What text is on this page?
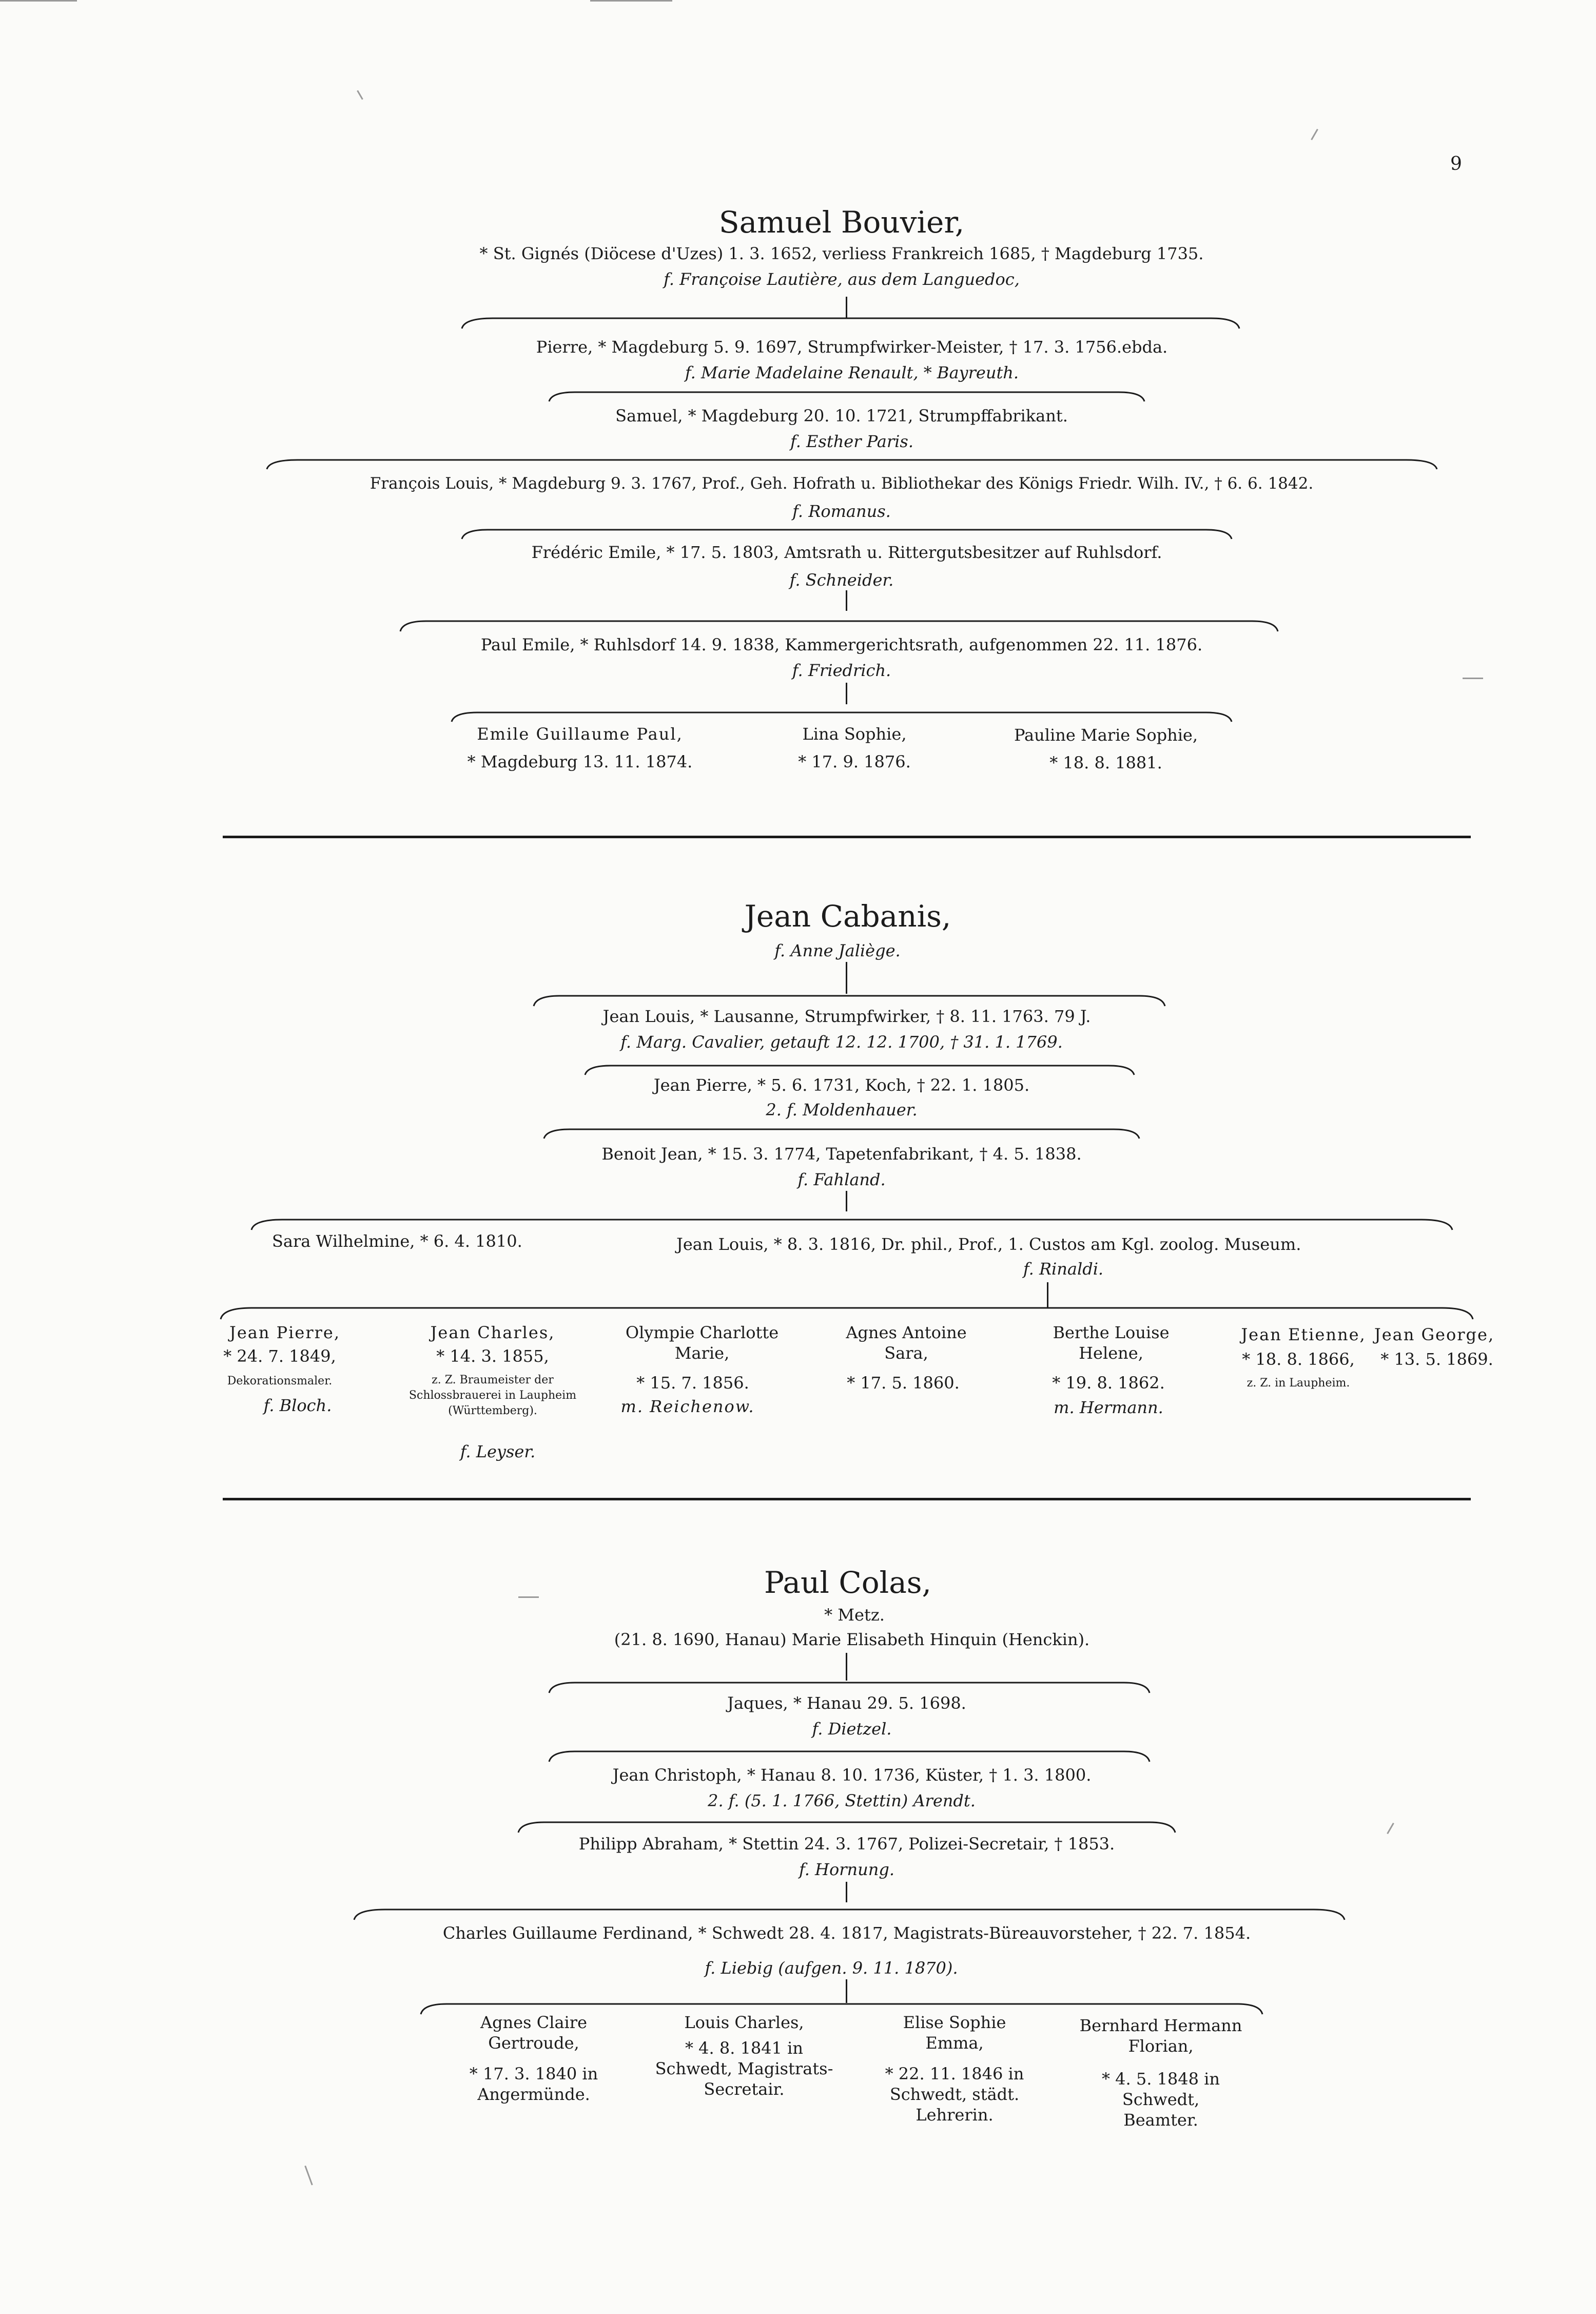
9
Samuel Bouvier,
* St. Gignés (Diöcese d'Uzes) 1. 3. 1652, verliess Frankreich 1685, † Magdeburg 1735.
f. Françoise Lautière, aus dem Languedoc,
Pierre, * Magdeburg 5. 9. 1697, Strumpfwirker-Meister, † 17. 3. 1756.ebda.
f. Marie Madelaine Renault, * Bayreuth.
Samuel, * Magdeburg 20. 10. 1721, Strumpffabrikant.
f. Esther Paris.
François Louis, * Magdeburg 9. 3. 1767, Prof., Geh. Hofrath u. Bibliothekar des Königs Friedr. Wilh. IV., † 6. 6. 1842.
f. Romanus.
Frédéric Emile, * 17. 5. 1803, Amtsrath u. Rittergutsbesitzer auf Ruhlsdorf.
f. Schneider.
Paul Emile, * Ruhlsdorf 14. 9. 1838, Kammergerichtsrath, aufgenommen 22. 11. 1876.
f. Friedrich.
Emile Guillaume Paul,
* Magdeburg 13. 11. 1874.
Lina Sophie,
* 17. 9. 1876.
Pauline Marie Sophie,
* 18. 8. 1881.
Jean Cabanis,
f. Anne Jaliège.
Jean Louis, * Lausanne, Strumpfwirker, † 8. 11. 1763. 79 J.
f. Marg. Cavalier, getauft 12. 12. 1700, † 31. 1. 1769.
Jean Pierre, * 5. 6. 1731, Koch, † 22. 1. 1805.
2. f. Moldenhauer.
Benoit Jean, * 15. 3. 1774, Tapetenfabrikant, † 4. 5. 1838.
f. Fahland.
Sara Wilhelmine, * 6. 4. 1810.	Jean Louis, * 8. 3. 1816, Dr. phil., Prof., 1. Custos am Kgl. zoolog. Museum.
f. Rinaldi.
Jean Pierre,
* 24. 7. 1849,
Dekorationsmaler.
f. Bloch.
Jean Charles,
* 14. 3. 1855,
z. Z. Braumeister der Schlossbrauerei in Laupheim (Württemberg).
f. Leyser.
Olympie Charlotte Marie,
* 15. 7. 1856.
m. Reichenow.
Agnes Antoine Sara,
* 17. 5. 1860.
Berthe Louise Helene,
* 19. 8. 1862.
m. Hermann.
Jean Etienne,
* 18. 8. 1866,
z. Z. in Laupheim.
Jean George,
* 13. 5. 1869.
Paul Colas,
* Metz.
(21. 8. 1690, Hanau) Marie Elisabeth Hinquin (Henckin).
Jaques, * Hanau 29. 5. 1698.
f. Dietzel.
Jean Christoph, * Hanau 8. 10. 1736, Küster, † 1. 3. 1800.
2. f. (5. 1. 1766, Stettin) Arendt.
Philipp Abraham, * Stettin 24. 3. 1767, Polizei-Secretair, † 1853.
f. Hornung.
Charles Guillaume Ferdinand, * Schwedt 28. 4. 1817, Magistrats-Büreauvorsteher, † 22. 7. 1854.
f. Liebig (aufgen. 9. 11. 1870).
Agnes Claire Gertroude,
* 17. 3. 1840 in Angermünde.
Louis Charles,
* 4. 8. 1841 in Schwedt, Magistrats-Secretair.
Elise Sophie Emma,
* 22. 11. 1846 in Schwedt, städt. Lehrerin.
Bernhard Hermann Florian,
* 4. 5. 1848 in Schwedt, Beamter.
